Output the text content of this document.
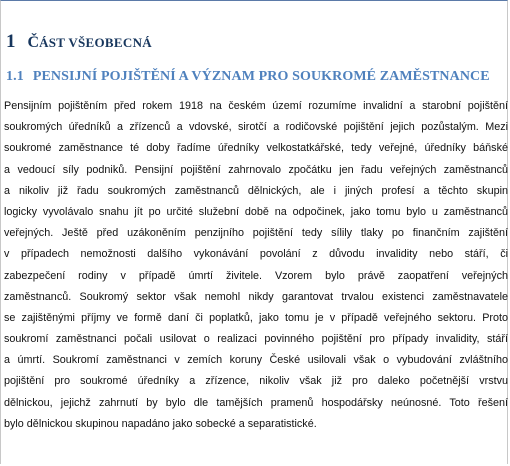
1 ČÁST VŠEOBECNÁ
1.1 PENSIJNÍ POJIŠTĚNÍ A VÝZNAM PRO SOUKROMÉ ZAMĚSTNANCE
Pensijním pojištěním před rokem 1918 na českém území rozumíme invalidní a starobní pojištění
soukromých úředníků a zřízenců a vdovské, sirotčí a rodičovské pojištění jejich pozůstalým. Mezi
soukromé zaměstnance té doby řadíme úředníky velkostatkářské, tedy veřejné, úředníky báňské
a vedoucí síly podniků. Pensijní pojištění zahrnovalo zpočátku jen řadu veřejných zaměstnanců
a nikoliv již řadu soukromých zaměstnanců dělnických, ale i jiných profesí a těchto skupin
logicky vyvolávalo snahu jít po určité služební době na odpočinek, jako tomu bylo u zaměstnanců
veřejných. Ještě před uzákoněním penzijního pojištění tedy sílily tlaky po finančním zajištění
v případech nemožnosti dalšího vykonávání povolání z důvodu invalidity nebo stáří, či
zabezpečení rodiny v případě úmrtí živitele. Vzorem bylo právě zaopatření veřejných
zaměstnanců. Soukromý sektor však nemohl nikdy garantovat trvalou existenci zaměstnavatele
se zajištěnými příjmy ve formě daní či poplatků, jako tomu je v případě veřejného sektoru. Proto
soukromí zaměstnanci počali usilovat o realizaci povinného pojištění pro případy invalidity, stáří
a úmrtí. Soukromí zaměstnanci v zemích koruny České usilovali však o vybudování zvláštního
pojištění pro soukromé úředníky a zřízence, nikoliv však již pro daleko početnější vrstvu
dělnickou, jejichž zahrnutí by bylo dle tamějších pramenů hospodářsky neúnosné. Toto řešení
bylo dělnickou skupinou napadáno jako sobecké a separatistické.
